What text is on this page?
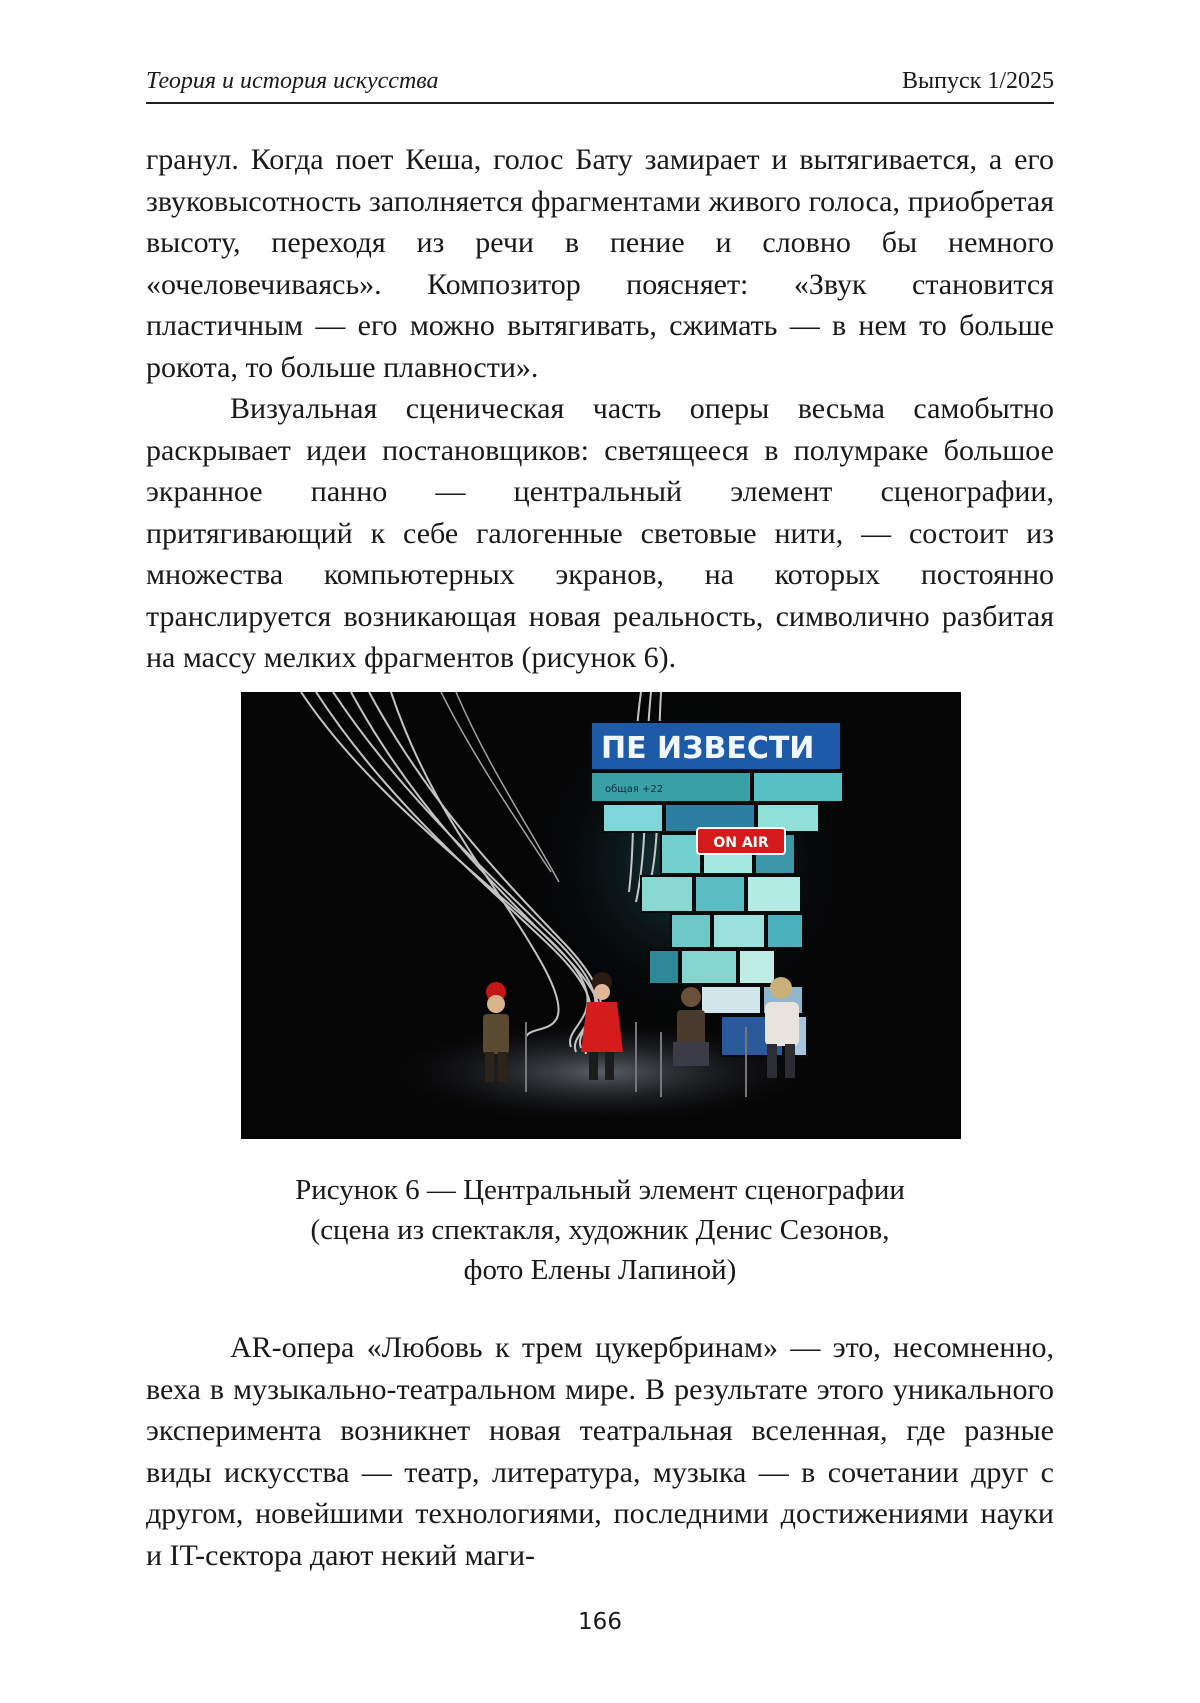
Теория и история искусства	Выпуск 1/2025

гранул. Когда поет Кеша, голос Бату замирает и вытягивается, а его звуковысотность заполняется фрагментами живого голоса, приобретая высоту, переходя из речи в пение и словно бы немного «очеловечиваясь». Композитор поясняет: «Звук становится пластичным — его можно вытягивать, сжимать — в нем то больше рокота, то больше плавности».

Визуальная сценическая часть оперы весьма самобытно раскрывает идеи постановщиков: светящееся в полумраке большое экранное панно — центральный элемент сценографии, притягивающий к себе галогенные световые нити, — состоит из множества компьютерных экранов, на которых постоянно транслируется возникающая новая реальность, символично разбитая на массу мелких фрагментов (рисунок 6).

ПЕ ИЗВЕСТИ
общая +22
ON AIR

Рисунок 6 — Центральный элемент сценографии
(сцена из спектакля, художник Денис Сезонов,
фото Елены Лапиной)

AR-опера «Любовь к трем цукербринам» — это, несомненно, веха в музыкально-театральном мире. В результате этого уникального эксперимента возникнет новая театральная вселенная, где разные виды искусства — театр, литература, музыка — в сочетании друг с другом, новейшими технологиями, последними достижениями науки и IT-сектора дают некий маги-

166
